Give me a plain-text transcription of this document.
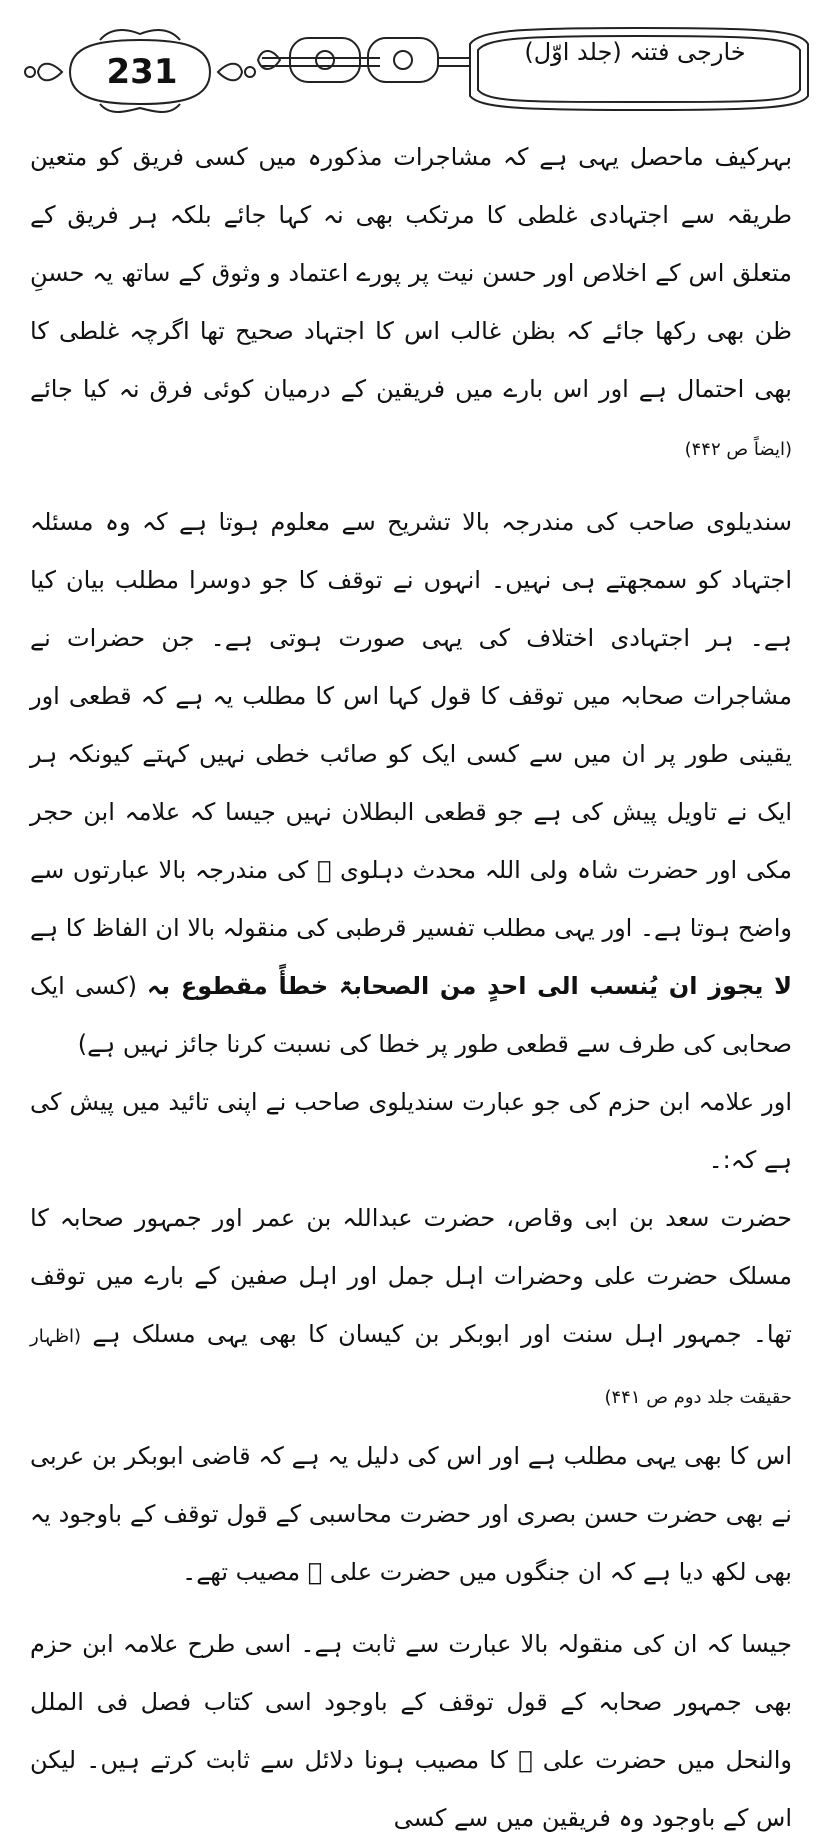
231	خارجی فتنہ (جلد اوّل)

بہرکیف ماحصل یہی ہے کہ مشاجرات مذکورہ میں کسی فریق کو متعین طریقہ سے اجتہادی غلطی کا مرتکب بھی نہ کہا جائے بلکہ ہر فریق کے متعلق اس کے اخلاص اور حسن نیت پر پورے اعتماد و وثوق کے ساتھ یہ حسنِ ظن بھی رکھا جائے کہ بظن غالب اس کا اجتہاد صحیح تھا اگرچہ غلطی کا بھی احتمال ہے اور اس بارے میں فریقین کے درمیان کوئی فرق نہ کیا جائے (ایضاً ص ۴۴۲)

سندیلوی صاحب کی مندرجہ بالا تشریح سے معلوم ہوتا ہے کہ وہ مسئلہ اجتہاد کو سمجھتے ہی نہیں۔ انہوں نے توقف کا جو دوسرا مطلب بیان کیا ہے۔ ہر اجتہادی اختلاف کی یہی صورت ہوتی ہے۔ جن حضرات نے مشاجرات صحابہ میں توقف کا قول کہا اس کا مطلب یہ ہے کہ قطعی اور یقینی طور پر ان میں سے کسی ایک کو صائب خطی نہیں کہتے کیونکہ ہر ایک نے تاویل پیش کی ہے جو قطعی البطلان نہیں جیسا کہ علامہ ابن حجر مکی اور حضرت شاہ ولی اللہ محدث دہلوی ﷫ کی مندرجہ بالا عبارتوں سے واضح ہوتا ہے۔ اور یہی مطلب تفسیر قرطبی کی منقولہ بالا ان الفاظ کا ہے لا یجوز ان یُنسب الی احدٍ من الصحابۃ خطأً مقطوع بہ (کسی ایک صحابی کی طرف سے قطعی طور پر خطا کی نسبت کرنا جائز نہیں ہے)

اور علامہ ابن حزم کی جو عبارت سندیلوی صاحب نے اپنی تائید میں پیش کی ہے کہ:۔

حضرت سعد بن ابی وقاص، حضرت عبداللہ بن عمر اور جمہور صحابہ کا مسلک حضرت علی وحضرات اہل جمل اور اہل صفین کے بارے میں توقف تھا۔ جمہور اہل سنت اور ابوبکر بن کیسان کا بھی یہی مسلک ہے (اظہار حقیقت جلد دوم ص ۴۴۱)

اس کا بھی یہی مطلب ہے اور اس کی دلیل یہ ہے کہ قاضی ابوبکر بن عربی نے بھی حضرت حسن بصری اور حضرت محاسبی کے قول توقف کے باوجود یہ بھی لکھ دیا ہے کہ ان جنگوں میں حضرت علی ﷛ مصیب تھے۔

جیسا کہ ان کی منقولہ بالا عبارت سے ثابت ہے۔ اسی طرح علامہ ابن حزم بھی جمہور صحابہ کے قول توقف کے باوجود اسی کتاب فصل فی الملل والنحل میں حضرت علی ﷛ کا مصیب ہونا دلائل سے ثابت کرتے ہیں۔ لیکن اس کے باوجود وہ فریقین میں سے کسی
